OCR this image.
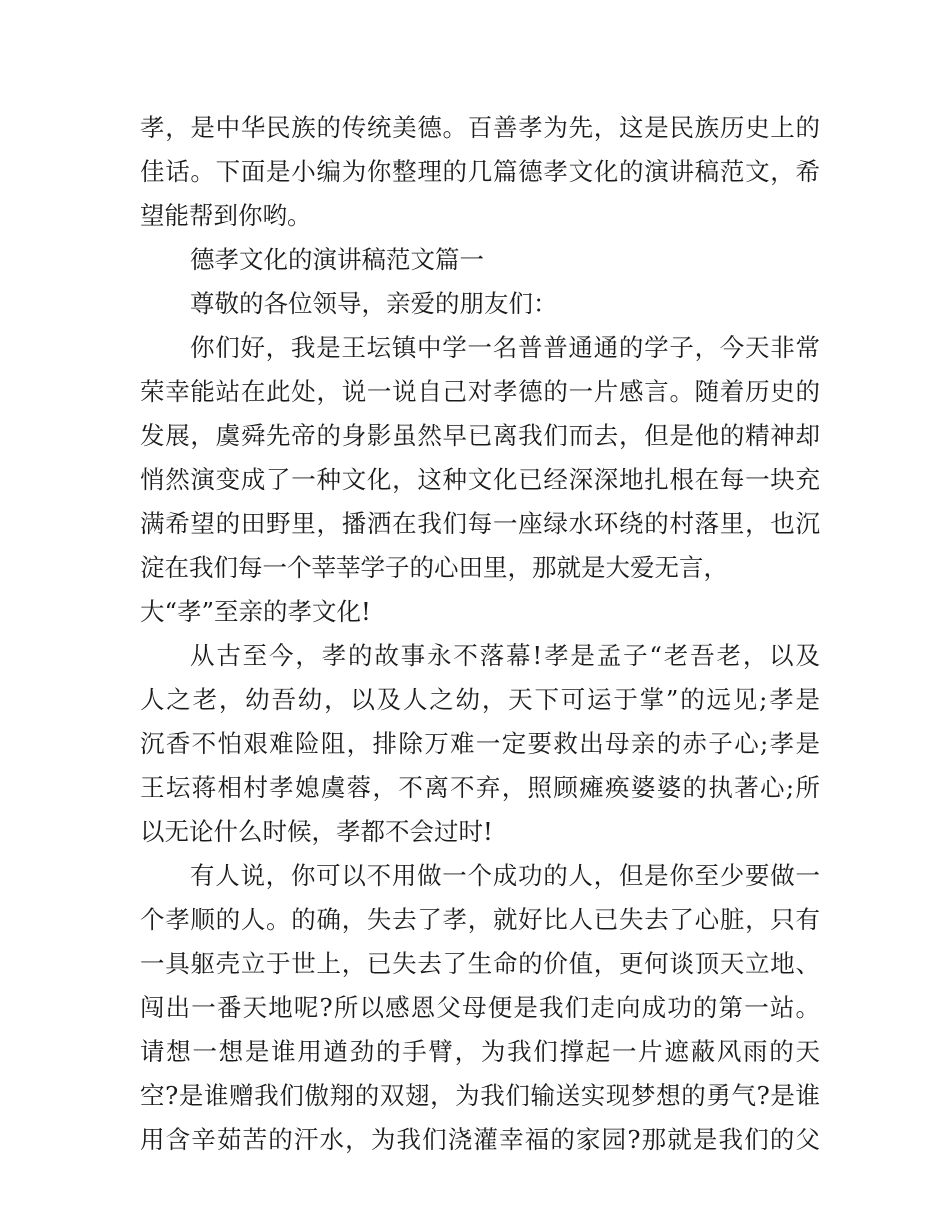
孝，是中华民族的传统美德。百善孝为先，这是民族历史上的
佳话。下面是小编为你整理的几篇德孝文化的演讲稿范文，希
望能帮到你哟。
德孝文化的演讲稿范文篇一
尊敬的各位领导，亲爱的朋友们：
你们好，我是王坛镇中学一名普普通通的学子，今天非常
荣幸能站在此处，说一说自己对孝德的一片感言。随着历史的
发展，虞舜先帝的身影虽然早已离我们而去，但是他的精神却
悄然演变成了一种文化，这种文化已经深深地扎根在每一块充
满希望的田野里，播洒在我们每一座绿水环绕的村落里，也沉
淀在我们每一个莘莘学子的心田里，那就是大爱无言，
大“孝”至亲的孝文化!
从古至今，孝的故事永不落幕!孝是孟子“老吾老，以及
人之老，幼吾幼，以及人之幼，天下可运于掌”的远见;孝是
沉香不怕艰难险阻，排除万难一定要救出母亲的赤子心;孝是
王坛蒋相村孝媳虞蓉，不离不弃，照顾瘫痪婆婆的执著心;所
以无论什么时候，孝都不会过时!
有人说，你可以不用做一个成功的人，但是你至少要做一
个孝顺的人。的确，失去了孝，就好比人已失去了心脏，只有
一具躯壳立于世上，已失去了生命的价值，更何谈顶天立地、
闯出一番天地呢?所以感恩父母便是我们走向成功的第一站。
请想一想是谁用遒劲的手臂，为我们撑起一片遮蔽风雨的天
空?是谁赠我们傲翔的双翅，为我们输送实现梦想的勇气?是谁
用含辛茹苦的汗水，为我们浇灌幸福的家园?那就是我们的父
